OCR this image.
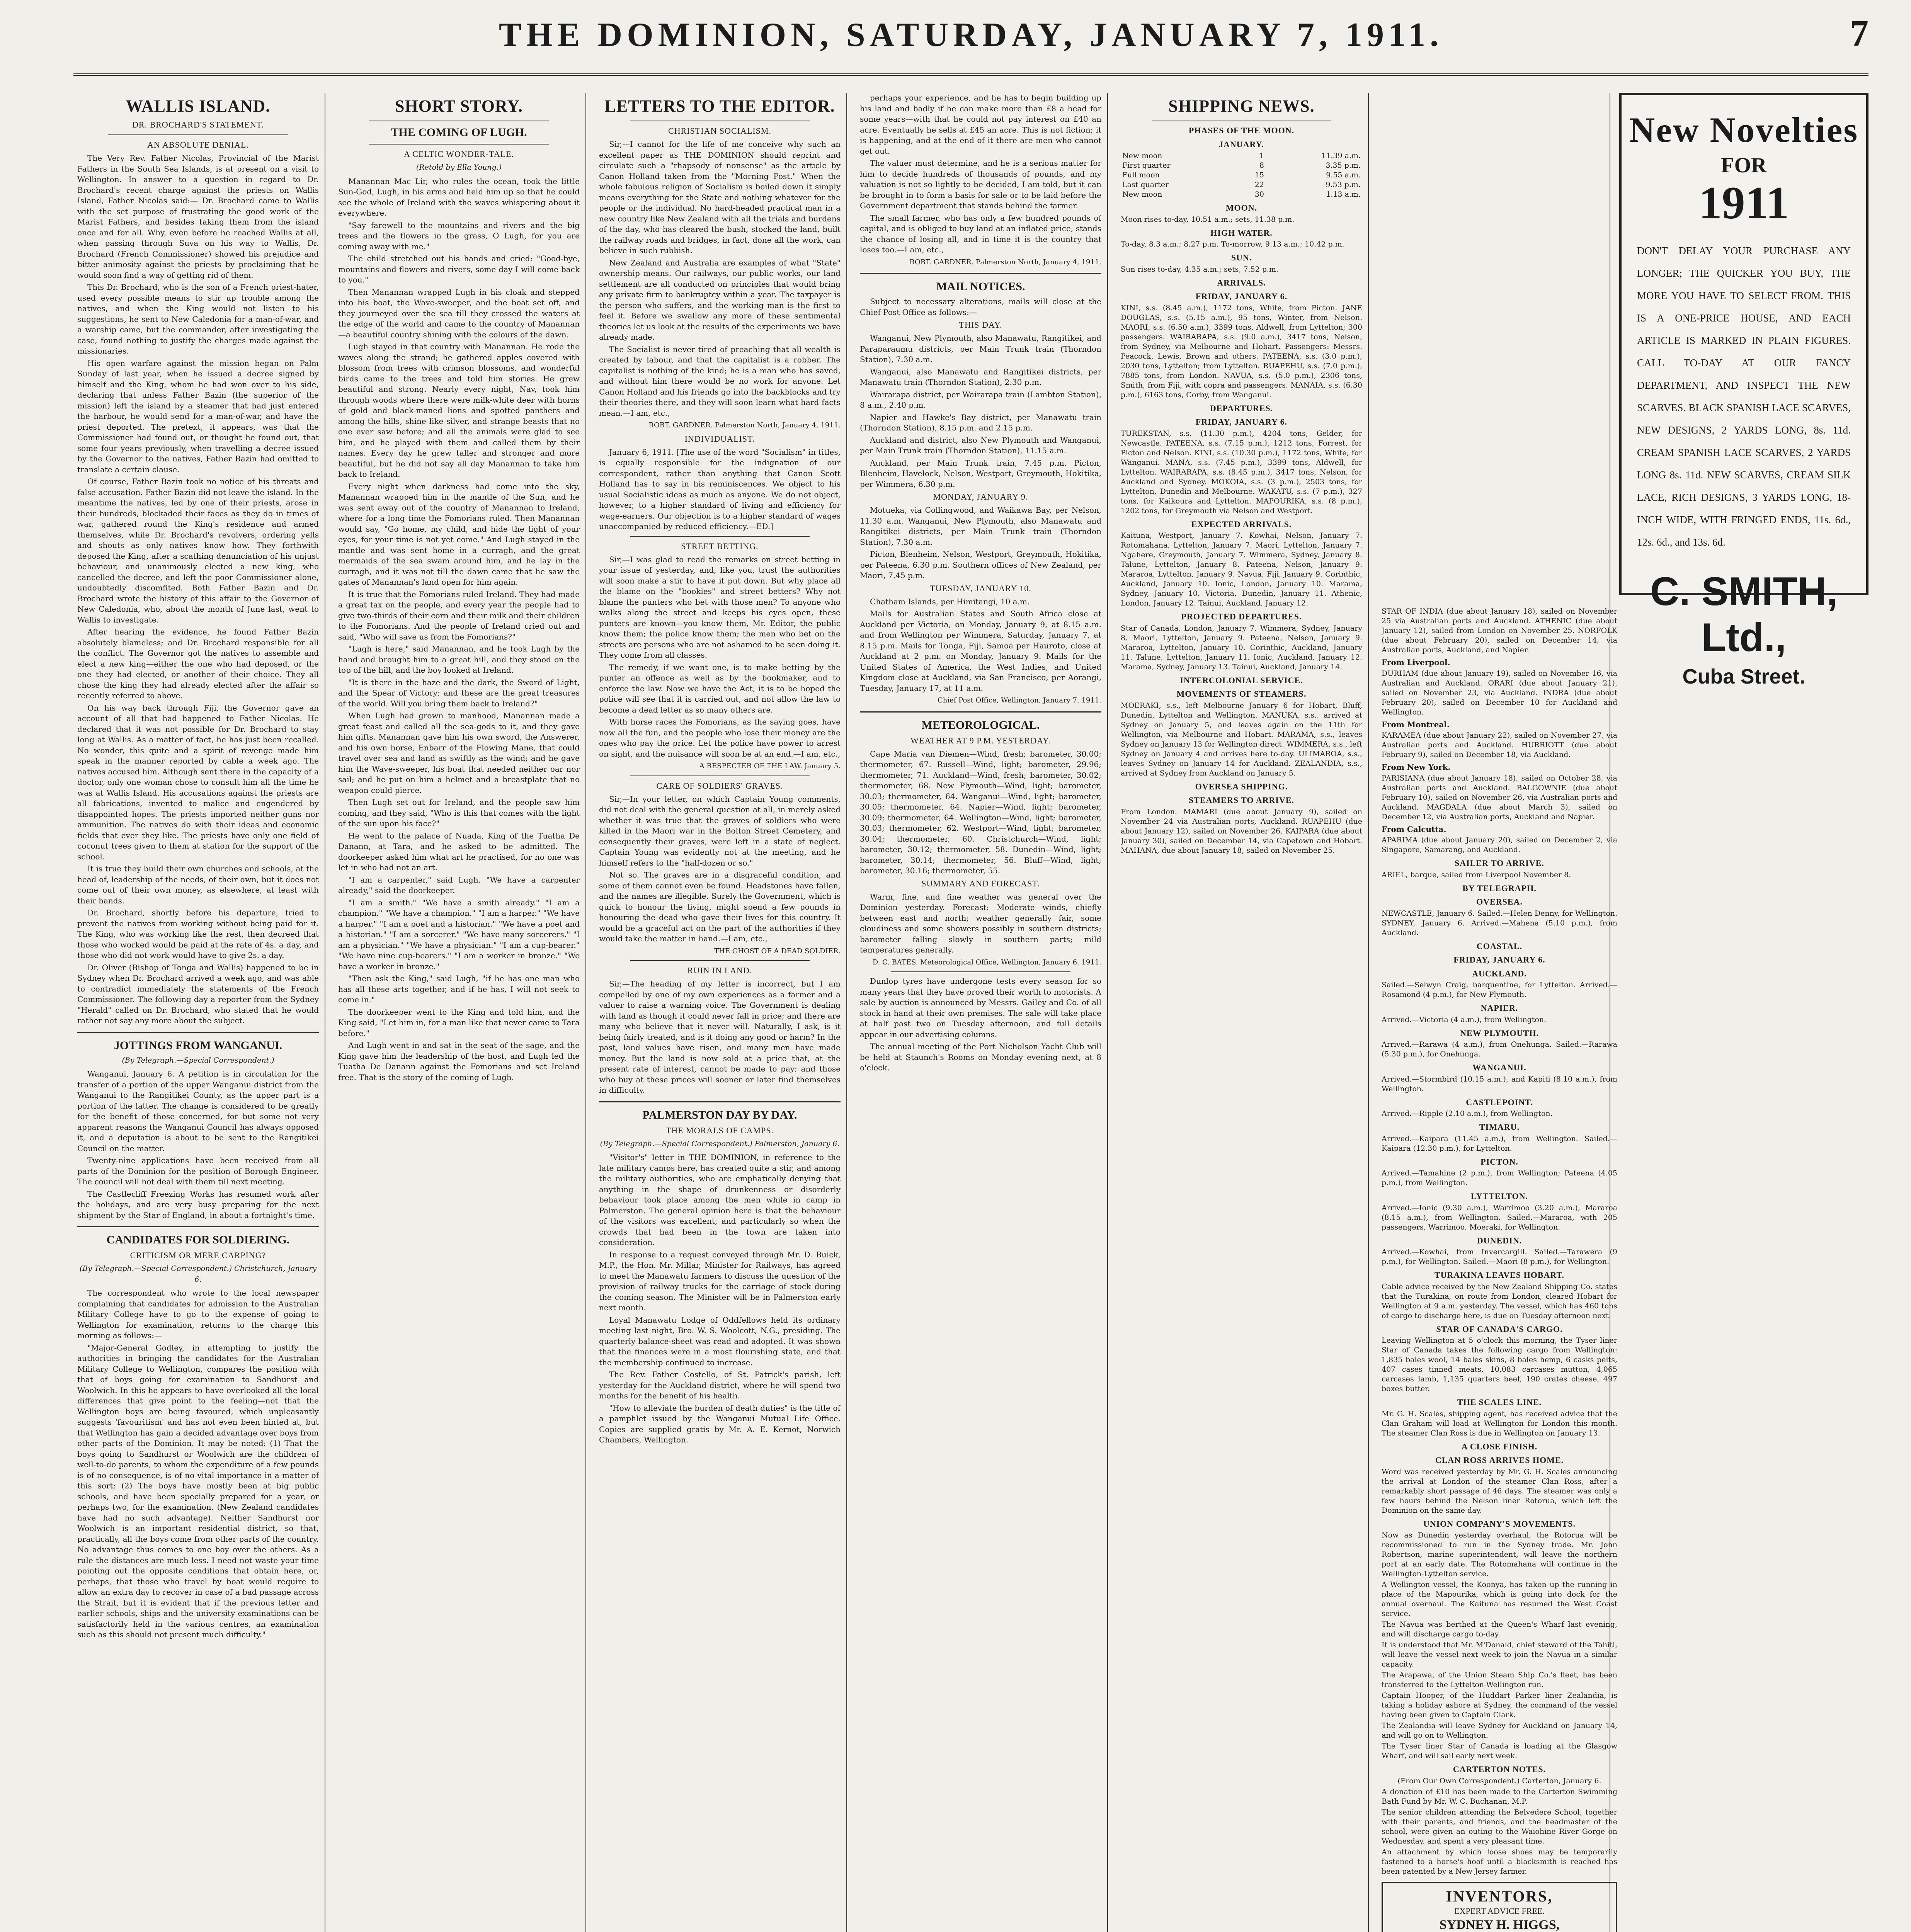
THE DOMINION, SATURDAY, JANUARY 7, 1911.	7
WALLIS ISLAND.
DR. BROCHARD'S STATEMENT.
AN ABSOLUTE DENIAL.

The Very Rev. Father Nicolas, Provincial of the Marist Fathers in the South Sea Islands, is at present on a visit to Wellington. In answer to a question in regard to Dr. Brochard's recent charge against the priests on Wallis Island, Father Nicolas said:— Dr. Brochard came to Wallis with the set purpose of frustrating the good work of the Marist Fathers, and besides taking them from the island once and for all. Why, even before he reached Wallis at all, when passing through Suva on his way to Wallis, Dr. Brochard (French Commissioner) showed his prejudice and bitter animosity against the priests by proclaiming that he would soon find a way of getting rid of them.

This Dr. Brochard, who is the son of a French priest-hater, used every possible means to stir up trouble among the natives, and when the King would not listen to his suggestions, he sent to New Caledonia for a man-of-war, and a warship came, but the commander, after investigating the case, found nothing to justify the charges made against the missionaries.

His open warfare against the mission began on Palm Sunday of last year, when he issued a decree signed by himself and the King, whom he had won over to his side, declaring that unless Father Bazin (the superior of the mission) left the island by a steamer that had just entered the harbour, he would send for a man-of-war, and have the priest deported. The pretext, it appears, was that the Commissioner had found out, or thought he found out, that some four years previously, when travelling a decree issued by the Governor to the natives, Father Bazin had omitted to translate a certain clause.

Of course, Father Bazin took no notice of his threats and false accusation. Father Bazin did not leave the island. In the meantime the natives, led by one of their priests, arose in their hundreds, blockaded their faces as they do in times of war, gathered round the King's residence and armed themselves, while Dr. Brochard's revolvers, ordering yells and shouts as only natives know how. They forthwith deposed the King, after a scathing denunciation of his unjust behaviour, and unanimously elected a new king, who cancelled the decree, and left the poor Commissioner alone, undoubtedly discomfited. Both Father Bazin and Dr. Brochard wrote the history of this affair to the Governor of New Caledonia, who, about the month of June last, went to Wallis to investigate.

After hearing the evidence, he found Father Bazin absolutely blameless; and Dr. Brochard responsible for all the conflict. The Governor got the natives to assemble and elect a new king—either the one who had deposed, or the one they had elected, or another of their choice. They all chose the king they had already elected after the affair so recently referred to above.

On his way back through Fiji, the Governor gave an account of all that had happened to Father Nicolas. He declared that it was not possible for Dr. Brochard to stay long at Wallis. As a matter of fact, he has just been recalled. No wonder, this quite and a spirit of revenge made him speak in the manner reported by cable a week ago. The natives accused him. Although sent there in the capacity of a doctor, only one woman chose to consult him all the time he was at Wallis Island. His accusations against the priests are all fabrications, invented to malice and engendered by disappointed hopes. The priests imported neither guns nor ammunition. The natives do with their ideas and economic fields that ever they like. The priests have only one field of coconut trees given to them at station for the support of the school.

It is true they build their own churches and schools, at the head of, leadership of the needs, of their own, but it does not come out of their own money, as elsewhere, at least with their hands.

Dr. Brochard, shortly before his departure, tried to prevent the natives from working without being paid for it. The King, who was working like the rest, then decreed that those who worked would be paid at the rate of 4s. a day, and those who did not work would have to give 2s. a day.

Dr. Oliver (Bishop of Tonga and Wallis) happened to be in Sydney when Dr. Brochard arrived a week ago, and was able to contradict immediately the statements of the French Commissioner. The following day a reporter from the Sydney "Herald" called on Dr. Brochard, who stated that he would rather not say any more about the subject.

JOTTINGS FROM WANGANUI.
(By Telegraph.—Special Correspondent.)

Wanganui, January 6. A petition is in circulation for the transfer of a portion of the upper Wanganui district from the Wanganui to the Rangitikei County, as the upper part is a portion of the latter. The change is considered to be greatly for the benefit of those concerned, for but some not very apparent reasons the Wanganui Council has always opposed it, and a deputation is about to be sent to the Rangitikei Council on the matter.

Twenty-nine applications have been received from all parts of the Dominion for the position of Borough Engineer. The council will not deal with them till next meeting.

The Castlecliff Freezing Works has resumed work after the holidays, and are very busy preparing for the next shipment by the Star of England, in about a fortnight's time.

CANDIDATES FOR SOLDIERING.
CRITICISM OR MERE CARPING?
(By Telegraph.—Special Correspondent.) Christchurch, January 6.

The correspondent who wrote to the local newspaper complaining that candidates for admission to the Australian Military College have to go to the expense of going to Wellington for examination, returns to the charge this morning as follows:—

"Major-General Godley, in attempting to justify the authorities in bringing the candidates for the Australian Military College to Wellington, compares the position with that of boys going for examination to Sandhurst and Woolwich. In this he appears to have overlooked all the local differences that give point to the feeling—not that the Wellington boys are being favoured, which unpleasantly suggests 'favouritism' and has not even been hinted at, but that Wellington has gain a decided advantage over boys from other parts of the Dominion. It may be noted: (1) That the boys going to Sandhurst or Woolwich are the children of well-to-do parents, to whom the expenditure of a few pounds is of no consequence, is of no vital importance in a matter of this sort; (2) The boys have mostly been at big public schools, and have been specially prepared for a year, or perhaps two, for the examination. (New Zealand candidates have had no such advantage). Neither Sandhurst nor Woolwich is an important residential district, so that, practically, all the boys come from other parts of the country. No advantage thus comes to one boy over the others. As a rule the distances are much less. I need not waste your time pointing out the opposite conditions that obtain here, or, perhaps, that those who travel by boat would require to allow an extra day to recover in case of a bad passage across the Strait, but it is evident that if the previous letter and earlier schools, ships and the university examinations can be satisfactorily held in the various centres, an examination such as this should not present much difficulty."

SHORT STORY.
THE COMING OF LUGH.
A CELTIC WONDER-TALE.
(Retold by Ella Young.)

Manannan Mac Lir, who rules the ocean, took the little Sun-God, Lugh, in his arms and held him up so that he could see the whole of Ireland with the waves whispering about it everywhere.

"Say farewell to the mountains and rivers and the big trees and the flowers in the grass, O Lugh, for you are coming away with me."

The child stretched out his hands and cried: "Good-bye, mountains and flowers and rivers, some day I will come back to you."

Then Manannan wrapped Lugh in his cloak and stepped into his boat, the Wave-sweeper, and the boat set off, and they journeyed over the sea till they crossed the waters at the edge of the world and came to the country of Manannan—a beautiful country shining with the colours of the dawn.

Lugh stayed in that country with Manannan. He rode the waves along the strand; he gathered apples covered with blossom from trees with crimson blossoms, and wonderful birds came to the trees and told him stories. He grew beautiful and strong. Nearly every night, Nav, took him through woods where there were milk-white deer with horns of gold and black-maned lions and spotted panthers and among the hills, shine like silver, and strange beasts that no one ever saw before; and all the animals were glad to see him, and he played with them and called them by their names. Every day he grew taller and stronger and more beautiful, but he did not say all day Manannan to take him back to Ireland.

Every night when darkness had come into the sky, Manannan wrapped him in the mantle of the Sun, and he was sent away out of the country of Manannan to Ireland, where for a long time the Fomorians ruled. Then Manannan would say, "Go home, my child, and hide the light of your eyes, for your time is not yet come." And Lugh stayed in the mantle and was sent home in a curragh, and the great mermaids of the sea swam around him, and he lay in the curragh, and it was not till the dawn came that he saw the gates of Manannan's land open for him again.

It is true that the Fomorians ruled Ireland. They had made a great tax on the people, and every year the people had to give two-thirds of their corn and their milk and their children to the Fomorians. And the people of Ireland cried out and said, "Who will save us from the Fomorians?"

"Lugh is here," said Manannan, and he took Lugh by the hand and brought him to a great hill, and they stood on the top of the hill, and the boy looked at Ireland.

"It is there in the haze and the dark, the Sword of Light, and the Spear of Victory; and these are the great treasures of the world. Will you bring them back to Ireland?"

When Lugh had grown to manhood, Manannan made a great feast and called all the sea-gods to it, and they gave him gifts. Manannan gave him his own sword, the Answerer, and his own horse, Enbarr of the Flowing Mane, that could travel over sea and land as swiftly as the wind; and he gave him the Wave-sweeper, his boat that needed neither oar nor sail; and he put on him a helmet and a breastplate that no weapon could pierce.

Then Lugh set out for Ireland, and the people saw him coming, and they said, "Who is this that comes with the light of the sun upon his face?"

He went to the palace of Nuada, King of the Tuatha De Danann, at Tara, and he asked to be admitted. The doorkeeper asked him what art he practised, for no one was let in who had not an art.

"I am a carpenter," said Lugh. "We have a carpenter already," said the doorkeeper.

"I am a smith." "We have a smith already." "I am a champion." "We have a champion." "I am a harper." "We have a harper." "I am a poet and a historian." "We have a poet and a historian." "I am a sorcerer." "We have many sorcerers." "I am a physician." "We have a physician." "I am a cup-bearer." "We have nine cup-bearers." "I am a worker in bronze." "We have a worker in bronze."

"Then ask the King," said Lugh, "if he has one man who has all these arts together, and if he has, I will not seek to come in."

The doorkeeper went to the King and told him, and the King said, "Let him in, for a man like that never came to Tara before."

And Lugh went in and sat in the seat of the sage, and the King gave him the leadership of the host, and Lugh led the Tuatha De Danann against the Fomorians and set Ireland free. That is the story of the coming of Lugh.

LETTERS TO THE EDITOR.
CHRISTIAN SOCIALISM.

Sir,—I cannot for the life of me conceive why such an excellent paper as THE DOMINION should reprint and circulate such a "rhapsody of nonsense" as the article by Canon Holland taken from the "Morning Post." When the whole fabulous religion of Socialism is boiled down it simply means everything for the State and nothing whatever for the people or the individual. No hard-headed practical man in a new country like New Zealand with all the trials and burdens of the day, who has cleared the bush, stocked the land, built the railway roads and bridges, in fact, done all the work, can believe in such rubbish.

New Zealand and Australia are examples of what "State" ownership means. Our railways, our public works, our land settlement are all conducted on principles that would bring any private firm to bankruptcy within a year. The taxpayer is the person who suffers, and the working man is the first to feel it. Before we swallow any more of these sentimental theories let us look at the results of the experiments we have already made.

The Socialist is never tired of preaching that all wealth is created by labour, and that the capitalist is a robber. The capitalist is nothing of the kind; he is a man who has saved, and without him there would be no work for anyone. Let Canon Holland and his friends go into the backblocks and try their theories there, and they will soon learn what hard facts mean.—I am, etc.,

ROBT. GARDNER. Palmerston North, January 4, 1911.
INDIVIDUALIST.

January 6, 1911. [The use of the word "Socialism" in titles, is equally responsible for the indignation of our correspondent, rather than anything that Canon Scott Holland has to say in his reminiscences. We object to his usual Socialistic ideas as much as anyone. We do not object, however, to a higher standard of living and efficiency for wage-earners. Our objection is to a higher standard of wages unaccompanied by reduced efficiency.—ED.]

STREET BETTING.

Sir,—I was glad to read the remarks on street betting in your issue of yesterday, and, like you, trust the authorities will soon make a stir to have it put down. But why place all the blame on the "bookies" and street betters? Why not blame the punters who bet with those men? To anyone who walks along the street and keeps his eyes open, these punters are known—you know them, Mr. Editor, the public know them; the police know them; the men who bet on the streets are persons who are not ashamed to be seen doing it. They come from all classes.

The remedy, if we want one, is to make betting by the punter an offence as well as by the bookmaker, and to enforce the law. Now we have the Act, it is to be hoped the police will see that it is carried out, and not allow the law to become a dead letter as so many others are.

With horse races the Fomorians, as the saying goes, have now all the fun, and the people who lose their money are the ones who pay the price. Let the police have power to arrest on sight, and the nuisance will soon be at an end.—I am, etc.,

A RESPECTER OF THE LAW. January 5.
CARE OF SOLDIERS' GRAVES.

Sir,—In your letter, on which Captain Young comments, did not deal with the general question at all, in merely asked whether it was true that the graves of soldiers who were killed in the Maori war in the Bolton Street Cemetery, and consequently their graves, were left in a state of neglect. Captain Young was evidently not at the meeting, and he himself refers to the "half-dozen or so."

Not so. The graves are in a disgraceful condition, and some of them cannot even be found. Headstones have fallen, and the names are illegible. Surely the Government, which is quick to honour the living, might spend a few pounds in honouring the dead who gave their lives for this country. It would be a graceful act on the part of the authorities if they would take the matter in hand.—I am, etc.,

THE GHOST OF A DEAD SOLDIER.
RUIN IN LAND.

Sir,—The heading of my letter is incorrect, but I am compelled by one of my own experiences as a farmer and a valuer to raise a warning voice. The Government is dealing with land as though it could never fall in price; and there are many who believe that it never will. Naturally, I ask, is it being fairly treated, and is it doing any good or harm? In the past, land values have risen, and many men have made money. But the land is now sold at a price that, at the present rate of interest, cannot be made to pay; and those who buy at these prices will sooner or later find themselves in difficulty.

PALMERSTON DAY BY DAY.
THE MORALS OF CAMPS.
(By Telegraph.—Special Correspondent.) Palmerston, January 6.

"Visitor's" letter in THE DOMINION, in reference to the late military camps here, has created quite a stir, and among the military authorities, who are emphatically denying that anything in the shape of drunkenness or disorderly behaviour took place among the men while in camp in Palmerston. The general opinion here is that the behaviour of the visitors was excellent, and particularly so when the crowds that had been in the town are taken into consideration.

In response to a request conveyed through Mr. D. Buick, M.P., the Hon. Mr. Millar, Minister for Railways, has agreed to meet the Manawatu farmers to discuss the question of the provision of railway trucks for the carriage of stock during the coming season. The Minister will be in Palmerston early next month.

Loyal Manawatu Lodge of Oddfellows held its ordinary meeting last night, Bro. W. S. Woolcott, N.G., presiding. The quarterly balance-sheet was read and adopted. It was shown that the finances were in a most flourishing state, and that the membership continued to increase.

The Rev. Father Costello, of St. Patrick's parish, left yesterday for the Auckland district, where he will spend two months for the benefit of his health.

"How to alleviate the burden of death duties" is the title of a pamphlet issued by the Wanganui Mutual Life Office. Copies are supplied gratis by Mr. A. E. Kernot, Norwich Chambers, Wellington.

perhaps your experience, and he has to begin building up his land and badly if he can make more than £8 a head for some years—with that he could not pay interest on £40 an acre. Eventually he sells at £45 an acre. This is not fiction; it is happening, and at the end of it there are men who cannot get out.

The valuer must determine, and he is a serious matter for him to decide hundreds of thousands of pounds, and my valuation is not so lightly to be decided, I am told, but it can be brought in to form a basis for sale or to be laid before the Government department that stands behind the farmer.

The small farmer, who has only a few hundred pounds of capital, and is obliged to buy land at an inflated price, stands the chance of losing all, and in time it is the country that loses too.—I am, etc.,

ROBT. GARDNER. Palmerston North, January 4, 1911.
MAIL NOTICES.

Subject to necessary alterations, mails will close at the Chief Post Office as follows:—

THIS DAY.

Wanganui, New Plymouth, also Manawatu, Rangitikei, and Paraparaumu districts, per Main Trunk train (Thorndon Station), 7.30 a.m.

Wanganui, also Manawatu and Rangitikei districts, per Manawatu train (Thorndon Station), 2.30 p.m.

Wairarapa district, per Wairarapa train (Lambton Station), 8 a.m., 2.40 p.m.

Napier and Hawke's Bay district, per Manawatu train (Thorndon Station), 8.15 p.m. and 2.15 p.m.

Auckland and district, also New Plymouth and Wanganui, per Main Trunk train (Thorndon Station), 11.15 a.m.

Auckland, per Main Trunk train, 7.45 p.m. Picton, Blenheim, Havelock, Nelson, Westport, Greymouth, Hokitika, per Wimmera, 6.30 p.m.

MONDAY, JANUARY 9.

Motueka, via Collingwood, and Waikawa Bay, per Nelson, 11.30 a.m. Wanganui, New Plymouth, also Manawatu and Rangitikei districts, per Main Trunk train (Thorndon Station), 7.30 a.m.

Picton, Blenheim, Nelson, Westport, Greymouth, Hokitika, per Pateena, 6.30 p.m. Southern offices of New Zealand, per Maori, 7.45 p.m.

TUESDAY, JANUARY 10.

Chatham Islands, per Himitangi, 10 a.m.

Mails for Australian States and South Africa close at Auckland per Victoria, on Monday, January 9, at 8.15 a.m. and from Wellington per Wimmera, Saturday, January 7, at 8.15 p.m. Mails for Tonga, Fiji, Samoa per Hauroto, close at Auckland at 2 p.m. on Monday, January 9. Mails for the United States of America, the West Indies, and United Kingdom close at Auckland, via San Francisco, per Aorangi, Tuesday, January 17, at 11 a.m.

Chief Post Office, Wellington, January 7, 1911.
METEOROLOGICAL.
WEATHER AT 9 P.M. YESTERDAY.

Cape Maria van Diemen—Wind, fresh; barometer, 30.00; thermometer, 67. Russell—Wind, light; barometer, 29.96; thermometer, 71. Auckland—Wind, fresh; barometer, 30.02; thermometer, 68. New Plymouth—Wind, light; barometer, 30.03; thermometer, 64. Wanganui—Wind, light; barometer, 30.05; thermometer, 64. Napier—Wind, light; barometer, 30.09; thermometer, 64. Wellington—Wind, light; barometer, 30.03; thermometer, 62. Westport—Wind, light; barometer, 30.04; thermometer, 60. Christchurch—Wind, light; barometer, 30.12; thermometer, 58. Dunedin—Wind, light; barometer, 30.14; thermometer, 56. Bluff—Wind, light; barometer, 30.16; thermometer, 55.

SUMMARY AND FORECAST.

Warm, fine, and fine weather was general over the Dominion yesterday. Forecast: Moderate winds, chiefly between east and north; weather generally fair, some cloudiness and some showers possibly in southern districts; barometer falling slowly in southern parts; mild temperatures generally.

D. C. BATES. Meteorological Office, Wellington, January 6, 1911.

Dunlop tyres have undergone tests every season for so many years that they have proved their worth to motorists. A sale by auction is announced by Messrs. Gailey and Co. of all stock in hand at their own premises. The sale will take place at half past two on Tuesday afternoon, and full details appear in our advertising columns.

The annual meeting of the Port Nicholson Yacht Club will be held at Staunch's Rooms on Monday evening next, at 8 o'clock.

SHIPPING NEWS.
PHASES OF THE MOON.
JANUARY.
New moon	1	11.39 a.m.
First quarter	8	3.35 p.m.
Full moon	15	9.55 a.m.
Last quarter	22	9.53 p.m.
New moon	30	1.13 a.m.
MOON.

Moon rises to-day, 10.51 a.m.; sets, 11.38 p.m.

HIGH WATER.

To-day, 8.3 a.m.; 8.27 p.m. To-morrow, 9.13 a.m.; 10.42 p.m.

SUN.

Sun rises to-day, 4.35 a.m.; sets, 7.52 p.m.

ARRIVALS.
FRIDAY, JANUARY 6.

KINI, s.s. (8.45 a.m.), 1172 tons, White, from Picton. JANE DOUGLAS, s.s. (5.15 a.m.), 95 tons, Winter, from Nelson. MAORI, s.s. (6.50 a.m.), 3399 tons, Aldwell, from Lyttelton; 300 passengers. WAIRARAPA, s.s. (9.0 a.m.), 3417 tons, Nelson, from Sydney, via Melbourne and Hobart. Passengers: Messrs. Peacock, Lewis, Brown and others. PATEENA, s.s. (3.0 p.m.), 2030 tons, Lyttelton; from Lyttelton. RUAPEHU, s.s. (7.0 p.m.), 7885 tons, from London. NAVUA, s.s. (5.0 p.m.), 2306 tons, Smith, from Fiji, with copra and passengers. MANAIA, s.s. (6.30 p.m.), 6163 tons, Corby, from Wanganui.

DEPARTURES.
FRIDAY, JANUARY 6.

TUREKSTAN, s.s. (11.30 p.m.), 4204 tons, Gelder, for Newcastle. PATEENA, s.s. (7.15 p.m.), 1212 tons, Forrest, for Picton and Nelson. KINI, s.s. (10.30 p.m.), 1172 tons, White, for Wanganui. MANA, s.s. (7.45 p.m.), 3399 tons, Aldwell, for Lyttelton. WAIRARAPA, s.s. (8.45 p.m.), 3417 tons, Nelson, for Auckland and Sydney. MOKOIA, s.s. (3 p.m.), 2503 tons, for Lyttelton, Dunedin and Melbourne. WAKATU, s.s. (7 p.m.), 327 tons, for Kaikoura and Lyttelton. MAPOURIKA, s.s. (8 p.m.), 1202 tons, for Greymouth via Nelson and Westport.

EXPECTED ARRIVALS.

Kaituna, Westport, January 7. Kowhai, Nelson, January 7. Rotomahana, Lyttelton, January 7. Maori, Lyttelton, January 7. Ngahere, Greymouth, January 7. Wimmera, Sydney, January 8. Talune, Lyttelton, January 8. Pateena, Nelson, January 9. Mararoa, Lyttelton, January 9. Navua, Fiji, January 9. Corinthic, Auckland, January 10. Ionic, London, January 10. Marama, Sydney, January 10. Victoria, Dunedin, January 11. Athenic, London, January 12. Tainui, Auckland, January 12.

PROJECTED DEPARTURES.

Star of Canada, London, January 7. Wimmera, Sydney, January 8. Maori, Lyttelton, January 9. Pateena, Nelson, January 9. Mararoa, Lyttelton, January 10. Corinthic, Auckland, January 11. Talune, Lyttelton, January 11. Ionic, Auckland, January 12. Marama, Sydney, January 13. Tainui, Auckland, January 14.

INTERCOLONIAL SERVICE.
MOVEMENTS OF STEAMERS.

MOERAKI, s.s., left Melbourne January 6 for Hobart, Bluff, Dunedin, Lyttelton and Wellington. MANUKA, s.s., arrived at Sydney on January 5, and leaves again on the 11th for Wellington, via Melbourne and Hobart. MARAMA, s.s., leaves Sydney on January 13 for Wellington direct. WIMMERA, s.s., left Sydney on January 4 and arrives here to-day. ULIMAROA, s.s., leaves Sydney on January 14 for Auckland. ZEALANDIA, s.s., arrived at Sydney from Auckland on January 5.

OVERSEA SHIPPING.
STEAMERS TO ARRIVE.

From London. MAMARI (due about January 9), sailed on November 24 via Australian ports, Auckland. RUAPEHU (due about January 12), sailed on November 26. KAIPARA (due about January 30), sailed on December 14, via Capetown and Hobart. MAHANA, due about January 18, sailed on November 25.

New Novelties
FOR
1911
DON'T DELAY YOUR PURCHASE ANY LONGER; THE QUICKER YOU BUY, THE MORE YOU HAVE TO SELECT FROM. THIS IS A ONE-PRICE HOUSE, AND EACH ARTICLE IS MARKED IN PLAIN FIGURES. CALL TO-DAY AT OUR FANCY DEPARTMENT, AND INSPECT THE NEW SCARVES. BLACK SPANISH LACE SCARVES, NEW DESIGNS, 2 YARDS LONG, 8s. 11d. CREAM SPANISH LACE SCARVES, 2 YARDS LONG 8s. 11d. NEW SCARVES, CREAM SILK LACE, RICH DESIGNS, 3 YARDS LONG, 18-INCH WIDE, WITH FRINGED ENDS, 11s. 6d., 12s. 6d., and 13s. 6d.
C. SMITH, Ltd.,
Cuba Street.

STAR OF INDIA (due about January 18), sailed on November 25 via Australian ports and Auckland. ATHENIC (due about January 12), sailed from London on November 25. NORFOLK (due about February 20), sailed on December 14, via Australian ports, Auckland, and Napier.

From Liverpool.

DURHAM (due about January 19), sailed on November 16, via Australian and Auckland. ORARI (due about January 21), sailed on November 23, via Auckland. INDRA (due about February 20), sailed on December 10 for Auckland and Wellington.

From Montreal.

KARAMEA (due about January 22), sailed on November 27, via Australian ports and Auckland. HURRIOTT (due about February 9), sailed on December 18, via Auckland.

From New York.

PARISIANA (due about January 18), sailed on October 28, via Australian ports and Auckland. BALGOWNIE (due about February 10), sailed on November 26, via Australian ports and Auckland. MAGDALA (due about March 3), sailed on December 12, via Australian ports, Auckland and Napier.

From Calcutta.

APARIMA (due about January 20), sailed on December 2, via Singapore, Samarang, and Auckland.

SAILER TO ARRIVE.

ARIEL, barque, sailed from Liverpool November 8.

BY TELEGRAPH.
OVERSEA.

NEWCASTLE, January 6. Sailed.—Helen Denny, for Wellington. SYDNEY, January 6. Arrived.—Mahena (5.10 p.m.), from Auckland.

COASTAL.
FRIDAY, JANUARY 6.
AUCKLAND.

Sailed.—Selwyn Craig, barquentine, for Lyttelton. Arrived.—Rosamond (4 p.m.), for New Plymouth.

NAPIER.

Arrived.—Victoria (4 a.m.), from Wellington.

NEW PLYMOUTH.

Arrived.—Rarawa (4 a.m.), from Onehunga. Sailed.—Rarawa (5.30 p.m.), for Onehunga.

WANGANUI.

Arrived.—Stormbird (10.15 a.m.), and Kapiti (8.10 a.m.), from Wellington.

CASTLEPOINT.

Arrived.—Ripple (2.10 a.m.), from Wellington.

TIMARU.

Arrived.—Kaipara (11.45 a.m.), from Wellington. Sailed.—Kaipara (12.30 p.m.), for Lyttelton.

PICTON.

Arrived.—Tamahine (2 p.m.), from Wellington; Pateena (4.05 p.m.), from Wellington.

LYTTELTON.

Arrived.—Ionic (9.30 a.m.), Warrimoo (3.20 a.m.), Mararoa (8.15 a.m.), from Wellington. Sailed.—Mararoa, with 205 passengers, Warrimoo, Moeraki, for Wellington.

DUNEDIN.

Arrived.—Kowhai, from Invercargill. Sailed.—Tarawera (9 p.m.), for Wellington. Sailed.—Maori (8 p.m.), for Wellington.

TURAKINA LEAVES HOBART.

Cable advice received by the New Zealand Shipping Co. states that the Turakina, on route from London, cleared Hobart for Wellington at 9 a.m. yesterday. The vessel, which has 460 tons of cargo to discharge here, is due on Tuesday afternoon next.

STAR OF CANADA'S CARGO.

Leaving Wellington at 5 o'clock this morning, the Tyser liner Star of Canada takes the following cargo from Wellington: 1,835 bales wool, 14 bales skins, 8 bales hemp, 6 casks pelts, 407 cases tinned meats, 10,083 carcases mutton, 4,065 carcases lamb, 1,135 quarters beef, 190 crates cheese, 497 boxes butter.

THE SCALES LINE.

Mr. G. H. Scales, shipping agent, has received advice that the Clan Graham will load at Wellington for London this month. The steamer Clan Ross is due in Wellington on January 13.

A CLOSE FINISH.
CLAN ROSS ARRIVES HOME.

Word was received yesterday by Mr. G. H. Scales announcing the arrival at London of the steamer Clan Ross, after a remarkably short passage of 46 days. The steamer was only a few hours behind the Nelson liner Rotorua, which left the Dominion on the same day.

UNION COMPANY'S MOVEMENTS.

Now as Dunedin yesterday overhaul, the Rotorua will be recommissioned to run in the Sydney trade. Mr. John Robertson, marine superintendent, will leave the northern port at an early date. The Rotomahana will continue in the Wellington-Lyttelton service.

A Wellington vessel, the Koonya, has taken up the running in place of the Mapourika, which is going into dock for the annual overhaul. The Kaituna has resumed the West Coast service.

The Navua was berthed at the Queen's Wharf last evening, and will discharge cargo to-day.

It is understood that Mr. M'Donald, chief steward of the Tahiti, will leave the vessel next week to join the Navua in a similar capacity.

The Arapawa, of the Union Steam Ship Co.'s fleet, has been transferred to the Lyttelton-Wellington run.

Captain Hooper, of the Huddart Parker liner Zealandia, is taking a holiday ashore at Sydney, the command of the vessel having been given to Captain Clark.

The Zealandia will leave Sydney for Auckland on January 14, and will go on to Wellington.

The Tyser liner Star of Canada is loading at the Glasgow Wharf, and will sail early next week.

CARTERTON NOTES.

(From Our Own Correspondent.) Carterton, January 6.

A donation of £10 has been made to the Carterton Swimming Bath Fund by Mr. W. C. Buchanan, M.P.

The senior children attending the Belvedere School, together with their parents, and friends, and the headmaster of the school, were given an outing to the Waiohine River Gorge on Wednesday, and spent a very pleasant time.

An attachment by which loose shoes may be temporarily fastened to a horse's hoof until a blacksmith is reached has been patented by a New Jersey farmer.

INVENTORS,
EXPERT ADVICE FREE.
SYDNEY H. HIGGS,
